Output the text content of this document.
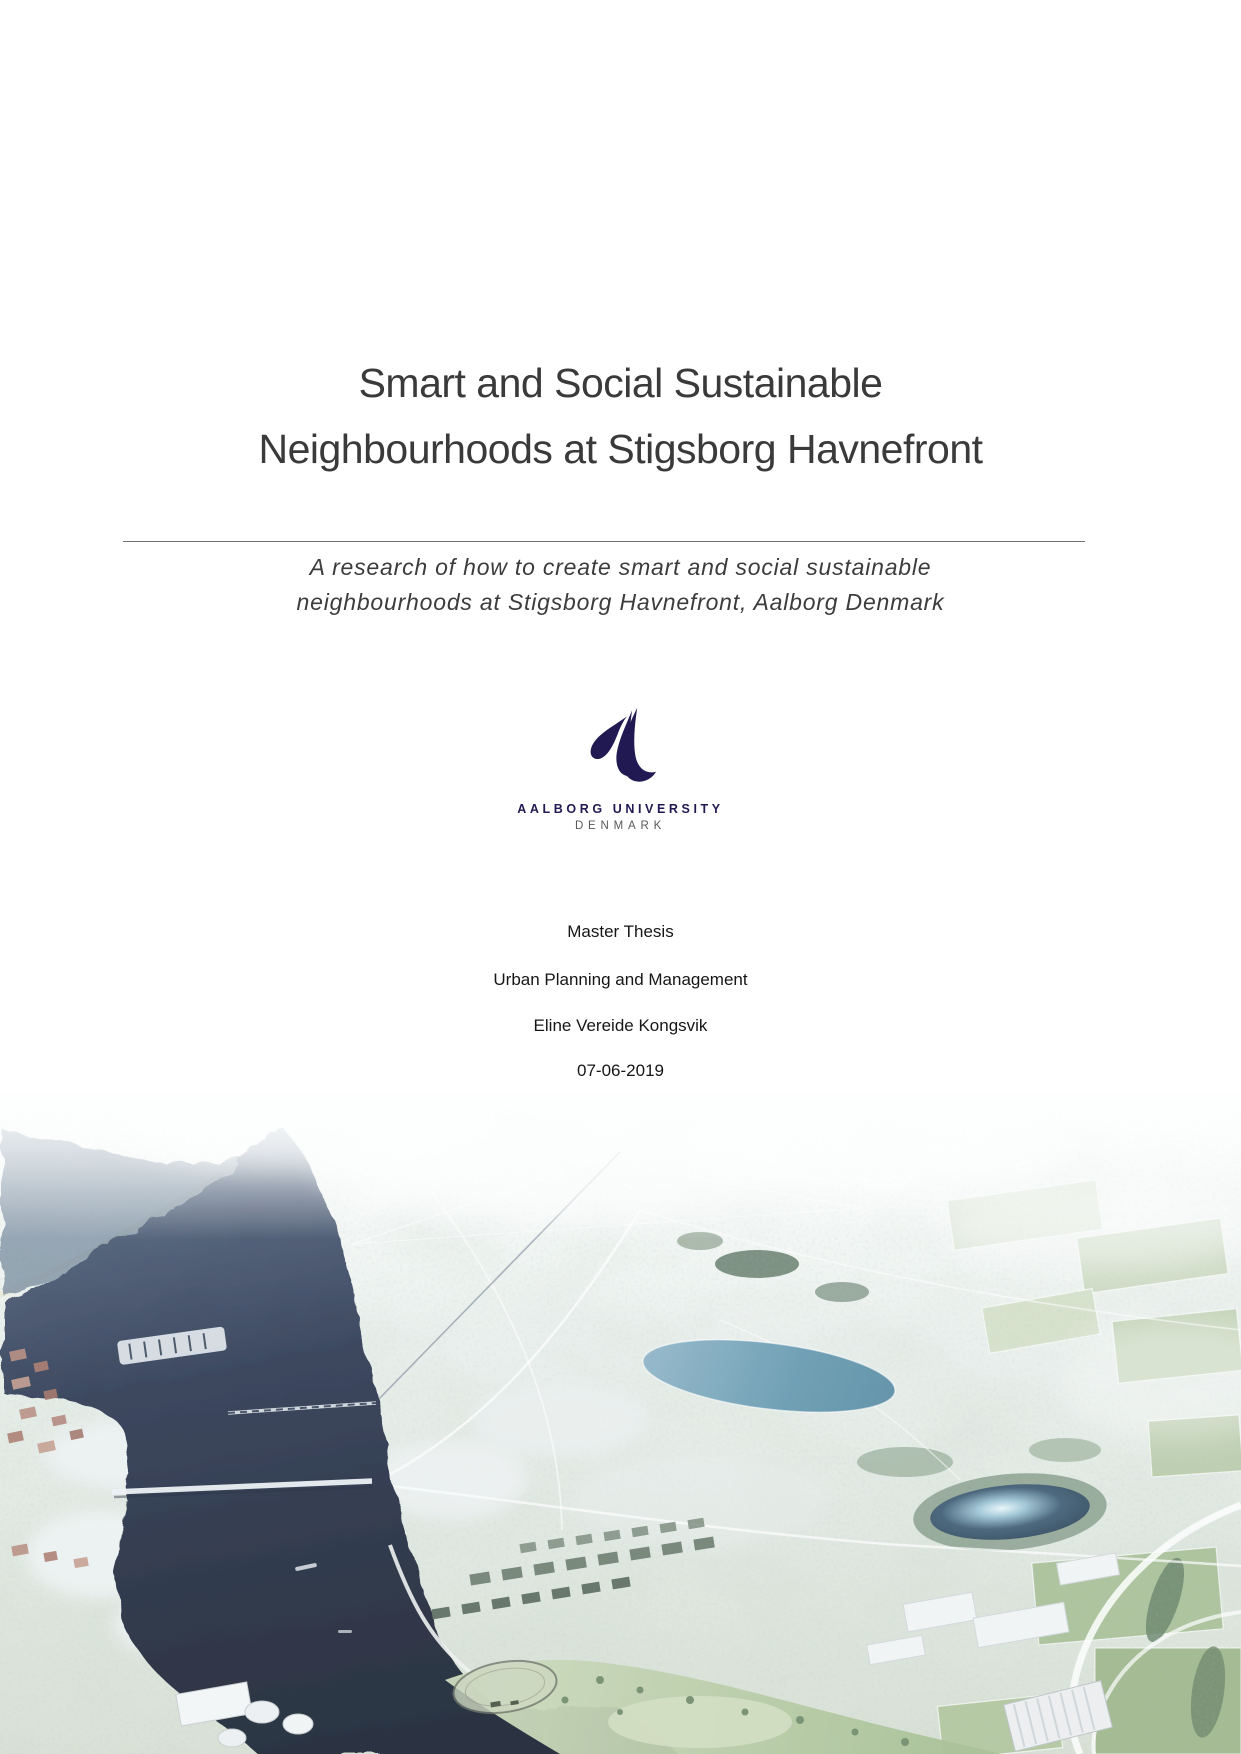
Smart and Social Sustainable
Neighbourhoods at Stigsborg Havnefront
A research of how to create smart and social sustainable
neighbourhoods at Stigsborg Havnefront, Aalborg Denmark
AALBORG UNIVERSITY
DENMARK
Master Thesis
Urban Planning and Management
Eline Vereide Kongsvik
07-06-2019
